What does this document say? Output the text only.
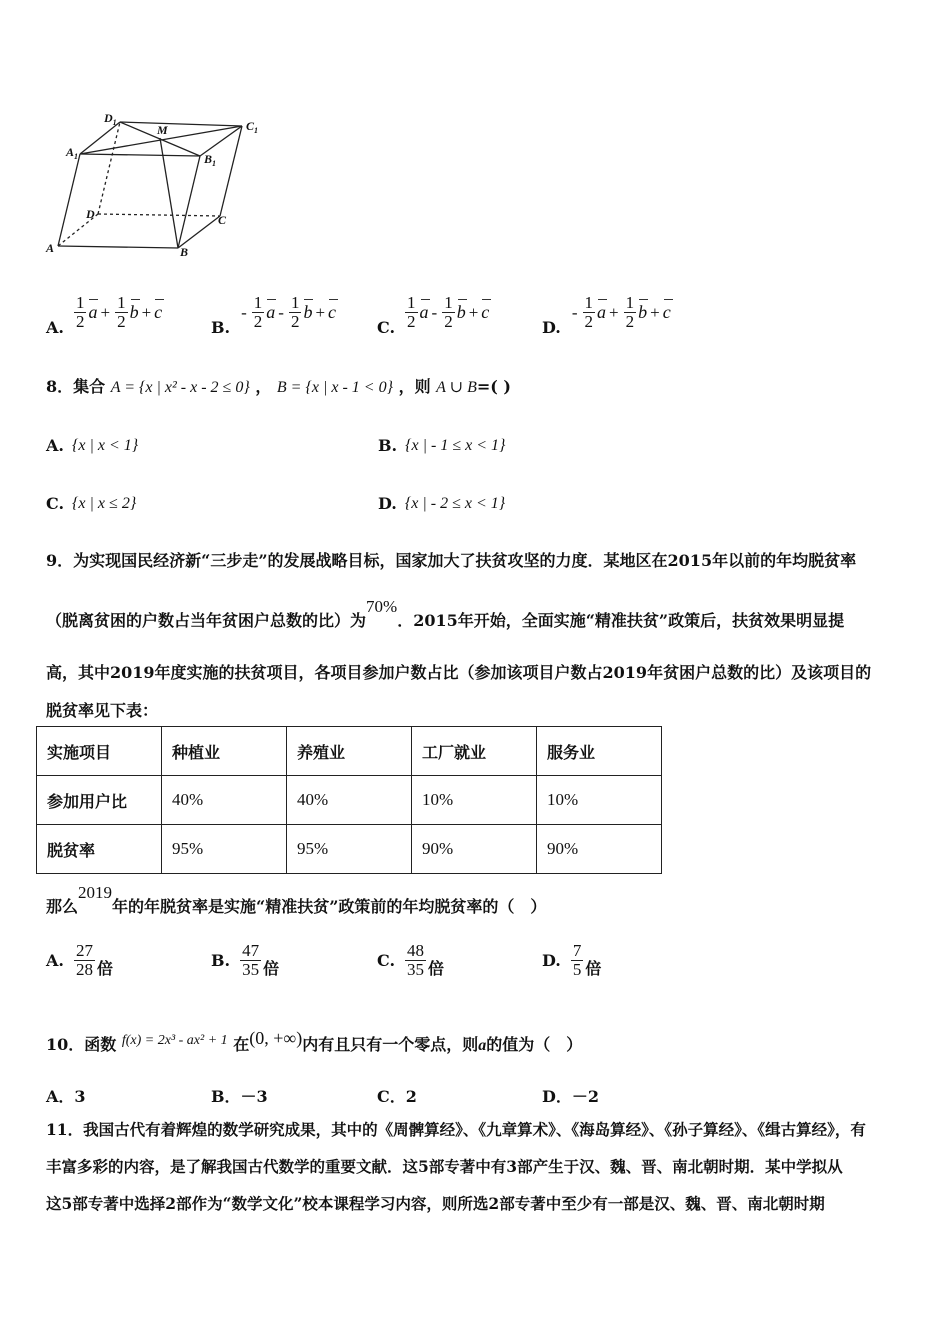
$D_1$	$C_1$
$A_1$	$B_1$
M
D	C
A	B
A. $\frac{1}{2}$ $a + \frac{1}{2}$ b + c
B.
- $\frac{1}{2}$ a - $\frac{1}{2}$ b + c
C. $\frac{1}{2}$ a - $\frac{1}{2}$ b + c
D.
- $\frac{1}{2}$ $a + \frac{1}{2}$ b + c
8．集合 A = {x | x² - x - 2 ≤ 0} ， B = {x | x - 1 < 0} ，则 A ∪ B=( )
A. {x | x < 1}	B. {x | - 1 ≤ x < 1}
C. {x | x ≤ 2}	D. {x | - 2 ≤ x < 1}
9．为实现国民经济新“三步走”的发展战略目标，国家加大了扶贫攻坚的力度．某地区在2015年以前的年均脱贫率
（脱离贫困的户数占当年贫困户总数的比）为70%．2015年开始，全面实施“精准扶贫”政策后，扶贫效果明显提
高，其中2019年度实施的扶贫项目，各项目参加户数占比（参加该项目户数占2019年贫困户总数的比）及该项目的
脱贫率见下表：
实施项目	种植业	养殖业	工厂就业	服务业
参加用户比	40%	40%	10%	10%
脱贫率	95%	95%	90%	90%
那么2019年的年脱贫率是实施“精准扶贫”政策前的年均脱贫率的（　）
A. $\frac{27}{28}$ 倍	B. $\frac{47}{35}$ 倍	C. $\frac{48}{35}$ 倍	D. $\frac{7}{5}$ 倍
10．函数 f(x) = 2x³ - ax² + 1 在(0, +∞)内有且只有一个零点，则a的值为（　）
A．3	B．－3	C．2	D．－2
11．我国古代有着辉煌的数学研究成果，其中的《周髀算经》、《九章算术》、《海岛算经》、《孙子算经》、《缉古算经》，有
丰富多彩的内容，是了解我国古代数学的重要文献．这5部专著中有3部产生于汉、魏、晋、南北朝时期．某中学拟从
这5部专著中选择2部作为“数学文化”校本课程学习内容，则所选2部专著中至少有一部是汉、魏、晋、南北朝时期
